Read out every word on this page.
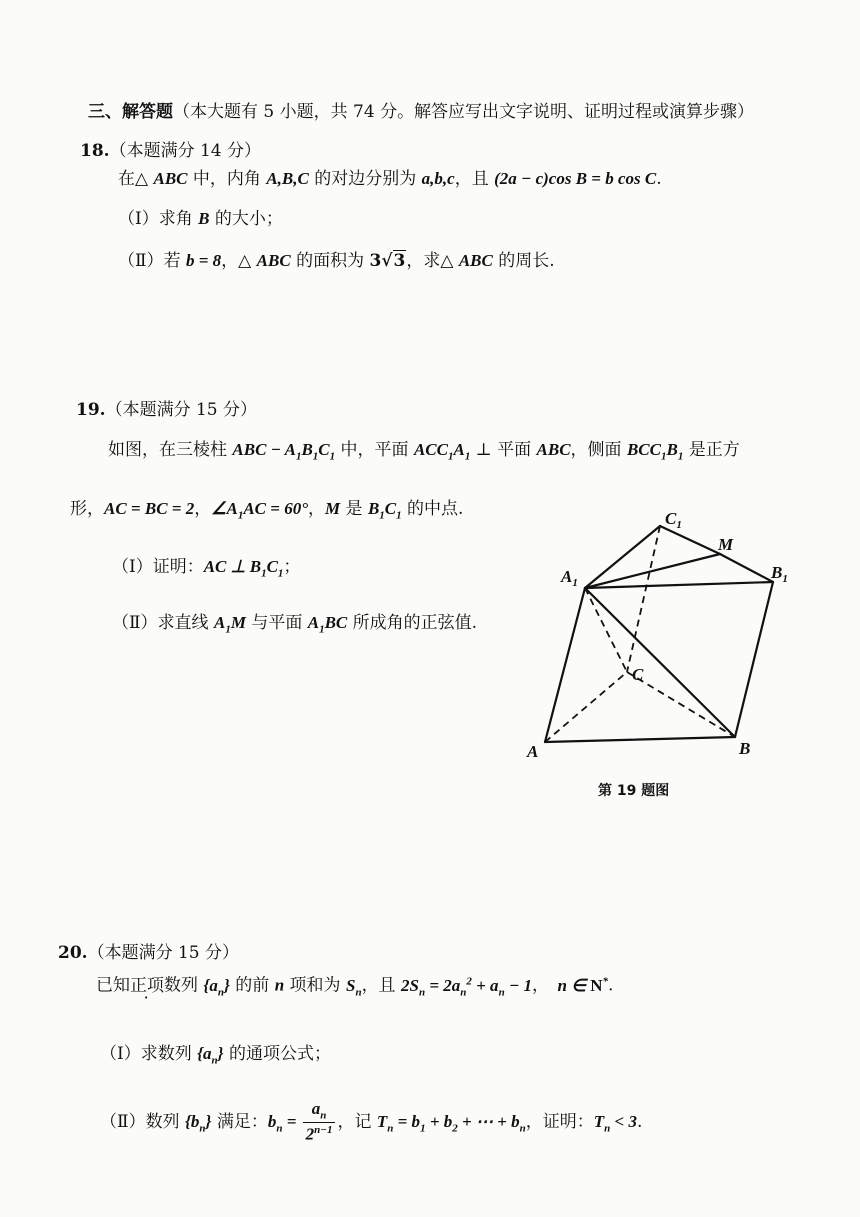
三、解答题（本大题有 5 小题，共 74 分。解答应写出文字说明、证明过程或演算步骤）
18.（本题满分 14 分）
在△ ABC 中，内角 A,B,C 的对边分别为 a,b,c，且 (2a − c)cos B = b cos C.
（Ⅰ）求角 B 的大小；
（Ⅱ）若 b = 8，△ ABC 的面积为 3√3，求△ ABC 的周长.
19.（本题满分 15 分）
如图，在三棱柱 ABC − $A_1B_1C_1$ 中，平面 $ACC_1A_1$ ⊥ 平面 ABC，侧面 $BCC_1B_1$ 是正方
形，AC = BC = 2，$\angle A_1AC = 60^\circ$，M 是 $B_1C_1$ 的中点.
（Ⅰ）证明：AC ⊥ $B_1C_1$；
（Ⅱ）求直线 $A_1M$ 与平面 $A_1BC$ 所成角的正弦值.
$C_1$
M
$A_1$
$B_1$
C
A	B
第 19 题图
20.（本题满分 15 分）
已知正项数列 $\{a_n\}$ 的前 n 项和为 $S_n$，且 $2S_n = 2a_n^2 + a_n - 1$，  n ∈ N*.
（Ⅰ）求数列 $\{a_n\}$ 的通项公式；
（Ⅱ）数列 $\{b_n\}$ 满足：$b_n = \frac{a_n}{2^{n-1}}$ ，记 $T_n = b_1 + b_2$ + ⋯ + $b_n$，证明：$T_n < 3$.
